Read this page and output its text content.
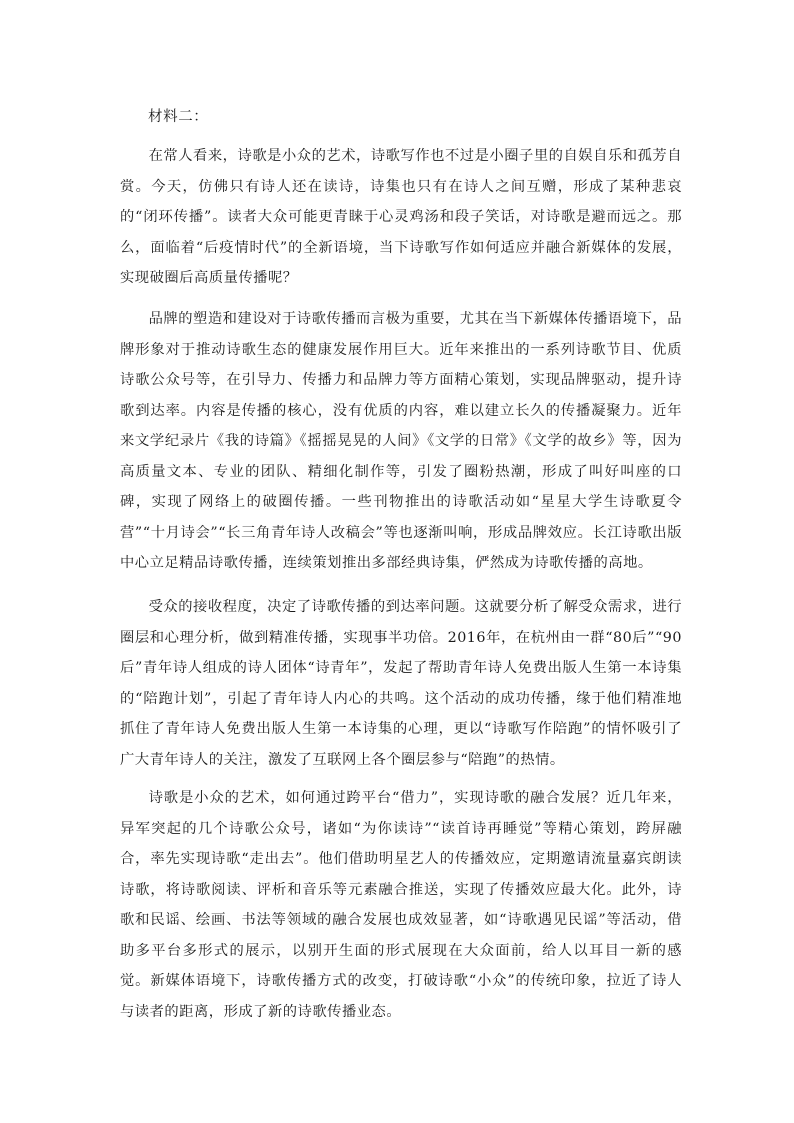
材料二：

在常人看来，诗歌是小众的艺术，诗歌写作也不过是小圈子里的自娱自乐和孤芳自赏。今天，仿佛只有诗人还在读诗，诗集也只有在诗人之间互赠，形成了某种悲哀的“闭环传播”。读者大众可能更青睐于心灵鸡汤和段子笑话，对诗歌是避而远之。那么，面临着“后疫情时代”的全新语境，当下诗歌写作如何适应并融合新媒体的发展，实现破圈后高质量传播呢？

品牌的塑造和建设对于诗歌传播而言极为重要，尤其在当下新媒体传播语境下，品牌形象对于推动诗歌生态的健康发展作用巨大。近年来推出的一系列诗歌节目、优质诗歌公众号等，在引导力、传播力和品牌力等方面精心策划，实现品牌驱动，提升诗歌到达率。内容是传播的核心，没有优质的内容，难以建立长久的传播凝聚力。近年来文学纪录片《我的诗篇》《摇摇晃晃的人间》《文学的日常》《文学的故乡》等，因为高质量文本、专业的团队、精细化制作等，引发了圈粉热潮，形成了叫好叫座的口碑，实现了网络上的破圈传播。一些刊物推出的诗歌活动如“星星大学生诗歌夏令营”“十月诗会”“长三角青年诗人改稿会”等也逐渐叫响，形成品牌效应。长江诗歌出版中心立足精品诗歌传播，连续策划推出多部经典诗集，俨然成为诗歌传播的高地。

受众的接收程度，决定了诗歌传播的到达率问题。这就要分析了解受众需求，进行圈层和心理分析，做到精准传播，实现事半功倍。2016年，在杭州由一群“80后”“90后”青年诗人组成的诗人团体“诗青年”，发起了帮助青年诗人免费出版人生第一本诗集的“陪跑计划”，引起了青年诗人内心的共鸣。这个活动的成功传播，缘于他们精准地抓住了青年诗人免费出版人生第一本诗集的心理，更以“诗歌写作陪跑”的情怀吸引了广大青年诗人的关注，激发了互联网上各个圈层参与“陪跑”的热情。

诗歌是小众的艺术，如何通过跨平台“借力”，实现诗歌的融合发展？近几年来，异军突起的几个诗歌公众号，诸如“为你读诗”“读首诗再睡觉”等精心策划，跨屏融合，率先实现诗歌“走出去”。他们借助明星艺人的传播效应，定期邀请流量嘉宾朗读诗歌，将诗歌阅读、评析和音乐等元素融合推送，实现了传播效应最大化。此外，诗歌和民谣、绘画、书法等领域的融合发展也成效显著，如“诗歌遇见民谣”等活动，借助多平台多形式的展示，以别开生面的形式展现在大众面前，给人以耳目一新的感觉。新媒体语境下，诗歌传播方式的改变，打破诗歌“小众”的传统印象，拉近了诗人与读者的距离，形成了新的诗歌传播业态。
